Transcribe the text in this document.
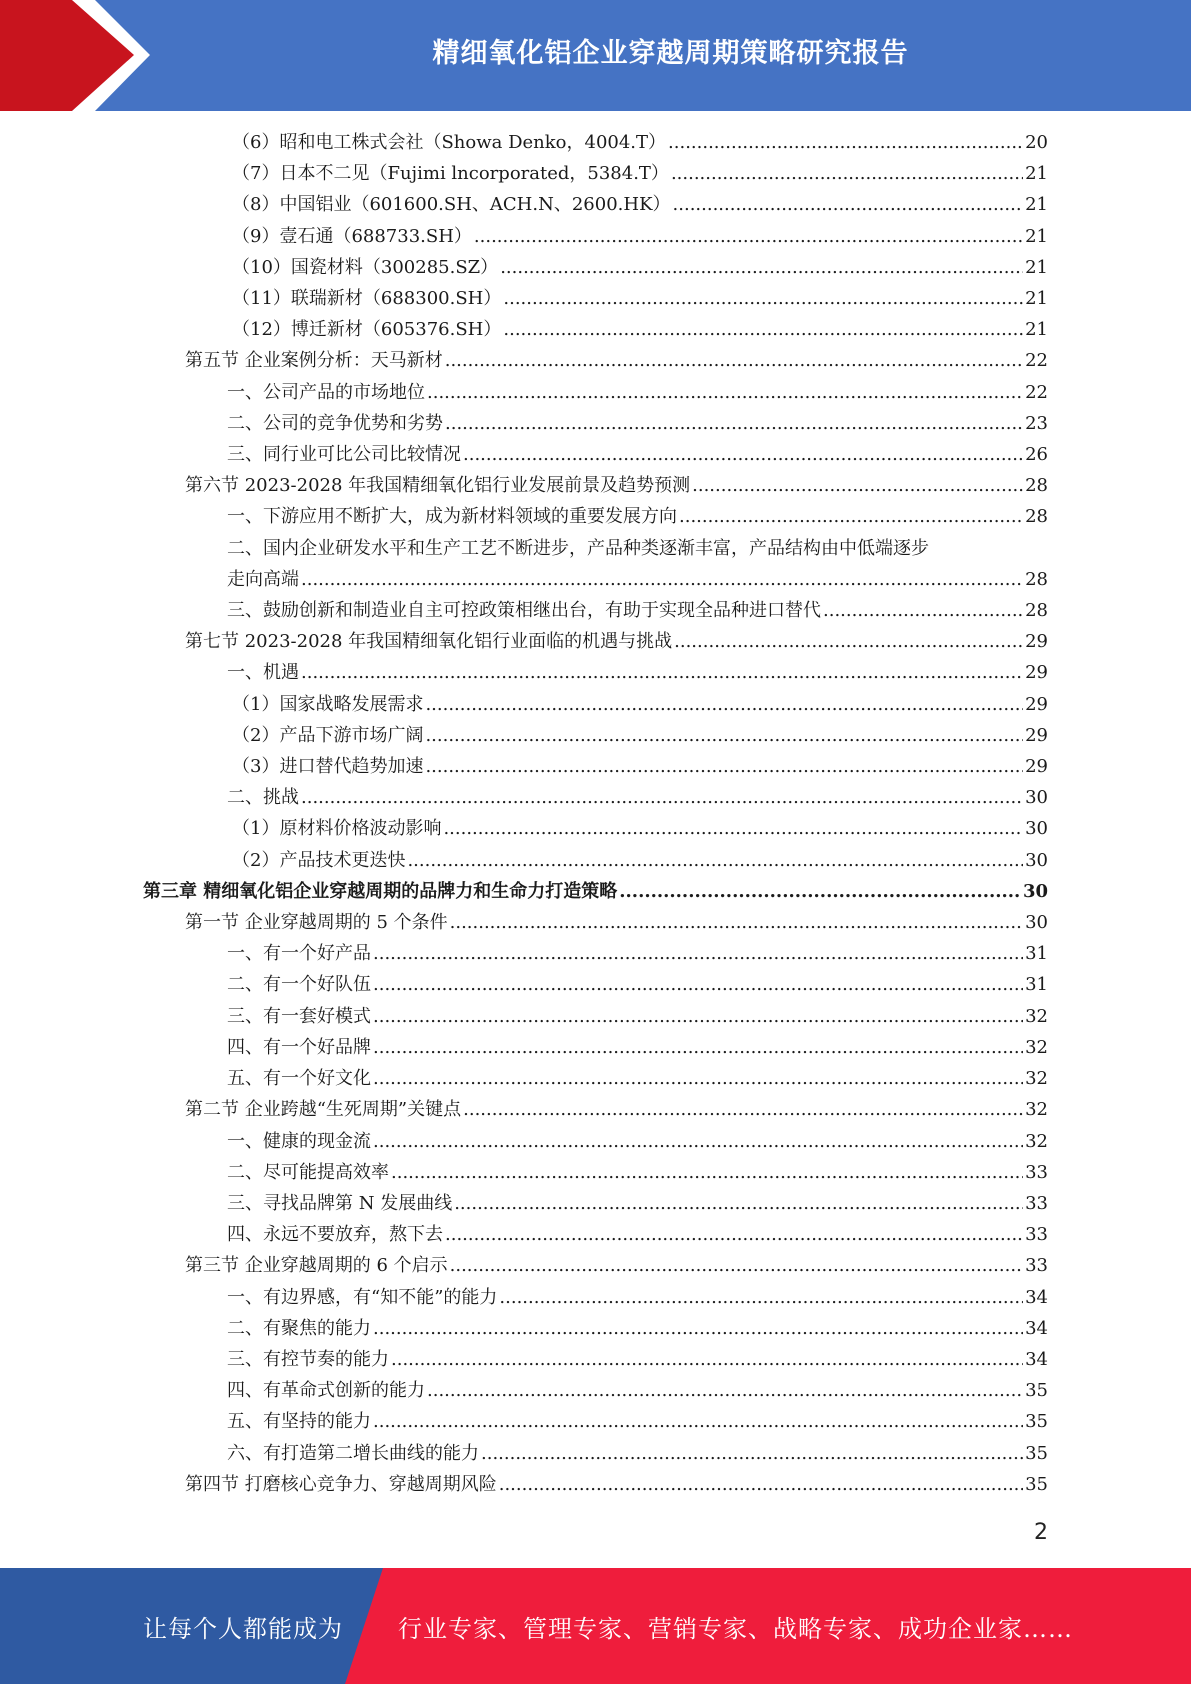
精细氧化铝企业穿越周期策略研究报告
（6）昭和电工株式会社（Showa Denko，4004.T） .....	20
（7）日本不二见（Fujimi lncorporated，5384.T） .....	21
（8）中国铝业（601600.SH、ACH.N、2600.HK） .....	21
（9）壹石通（688733.SH） .....	21
（10）国瓷材料（300285.SZ） .....	21
（11）联瑞新材（688300.SH） .....	21
（12）博迁新材（605376.SH） .....	21
第五节 企业案例分析：天马新材 .....	22
一、公司产品的市场地位 .....	22
二、公司的竞争优势和劣势 .....	23
三、同行业可比公司比较情况 .....	26
第六节 2023-2028 年我国精细氧化铝行业发展前景及趋势预测 .....	28
一、下游应用不断扩大，成为新材料领域的重要发展方向 .....	28
二、国内企业研发水平和生产工艺不断进步，产品种类逐渐丰富，产品结构由中低端逐步
走向高端 .....	28
三、鼓励创新和制造业自主可控政策相继出台，有助于实现全品种进口替代 .....	28
第七节 2023-2028 年我国精细氧化铝行业面临的机遇与挑战 .....	29
一、机遇 .....	29
（1）国家战略发展需求 .....	29
（2）产品下游市场广阔 .....	29
（3）进口替代趋势加速 .....	29
二、挑战 .....	30
（1）原材料价格波动影响 .....	30
（2）产品技术更迭快 .....	30
第三章 精细氧化铝企业穿越周期的品牌力和生命力打造策略 .....	30
第一节 企业穿越周期的 5 个条件 .....	30
一、有一个好产品 .....	31
二、有一个好队伍 .....	31
三、有一套好模式 .....	32
四、有一个好品牌 .....	32
五、有一个好文化 .....	32
第二节 企业跨越“生死周期”关键点 .....	32
一、健康的现金流 .....	32
二、尽可能提高效率 .....	33
三、寻找品牌第 N 发展曲线 .....	33
四、永远不要放弃，熬下去 .....	33
第三节 企业穿越周期的 6 个启示 .....	33
一、有边界感，有“知不能”的能力 .....	34
二、有聚焦的能力 .....	34
三、有控节奏的能力 .....	34
四、有革命式创新的能力 .....	35
五、有坚持的能力 .....	35
六、有打造第二增长曲线的能力 .....	35
第四节 打磨核心竞争力、穿越周期风险 .....	35
2
让每个人都能成为 行业专家、管理专家、营销专家、战略专家、成功企业家……
